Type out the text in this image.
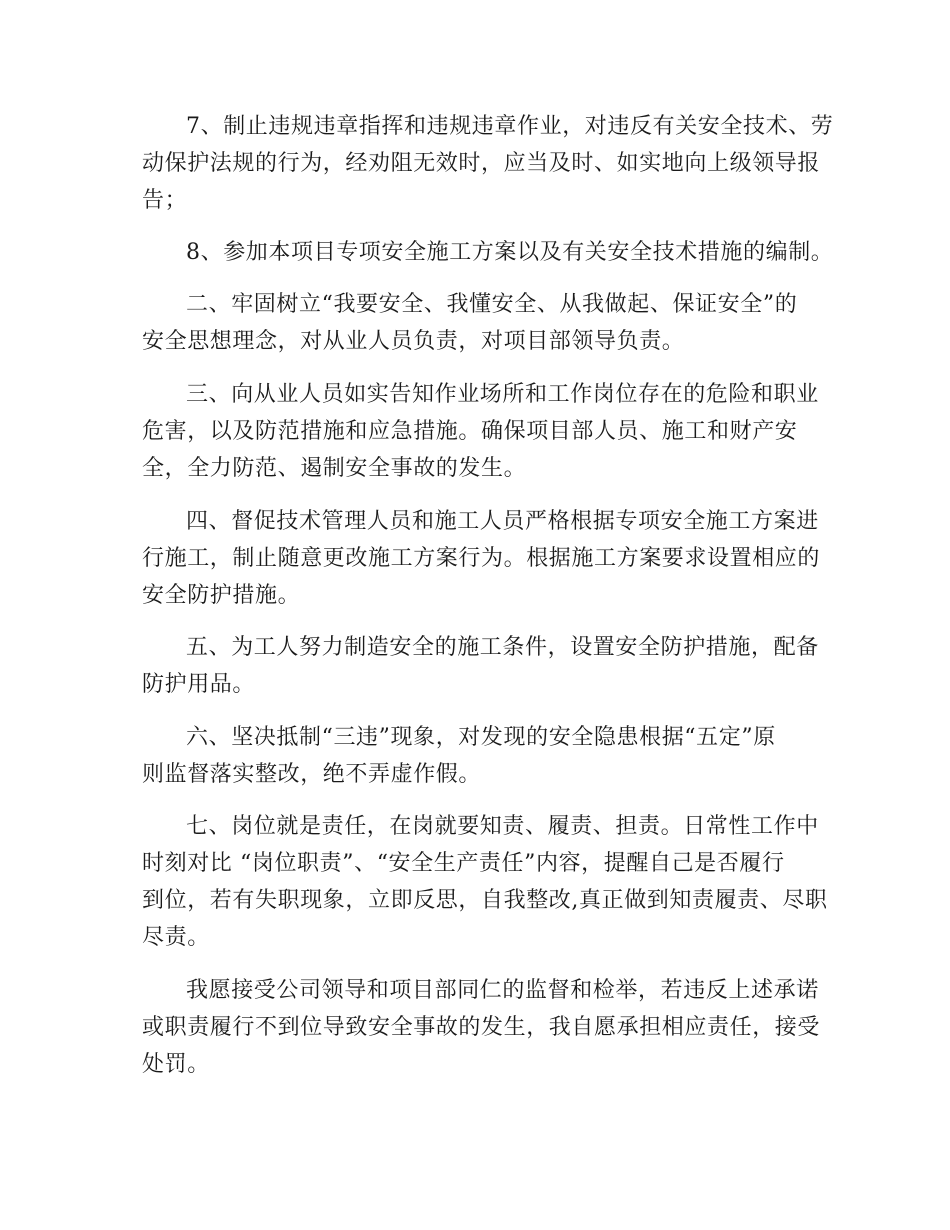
7、制止违规违章指挥和违规违章作业，对违反有关安全技术、劳
动保护法规的行为，经劝阻无效时，应当及时、如实地向上级领导报
告；
8、参加本项目专项安全施工方案以及有关安全技术措施的编制。
二、牢固树立“我要安全、我懂安全、从我做起、保证安全”的
安全思想理念，对从业人员负责，对项目部领导负责。
三、向从业人员如实告知作业场所和工作岗位存在的危险和职业
危害，以及防范措施和应急措施。确保项目部人员、施工和财产安
全，全力防范、遏制安全事故的发生。
四、督促技术管理人员和施工人员严格根据专项安全施工方案进
行施工，制止随意更改施工方案行为。根据施工方案要求设置相应的
安全防护措施。
五、为工人努力制造安全的施工条件，设置安全防护措施，配备
防护用品。
六、坚决抵制“三违”现象，对发现的安全隐患根据“五定”原
则监督落实整改，绝不弄虚作假。
七、岗位就是责任，在岗就要知责、履责、担责。日常性工作中
时刻对比 “岗位职责”、“安全生产责任”内容，提醒自己是否履行
到位，若有失职现象，立即反思，自我整改,真正做到知责履责、尽职
尽责。
我愿接受公司领导和项目部同仁的监督和检举，若违反上述承诺
或职责履行不到位导致安全事故的发生，我自愿承担相应责任，接受
处罚。
